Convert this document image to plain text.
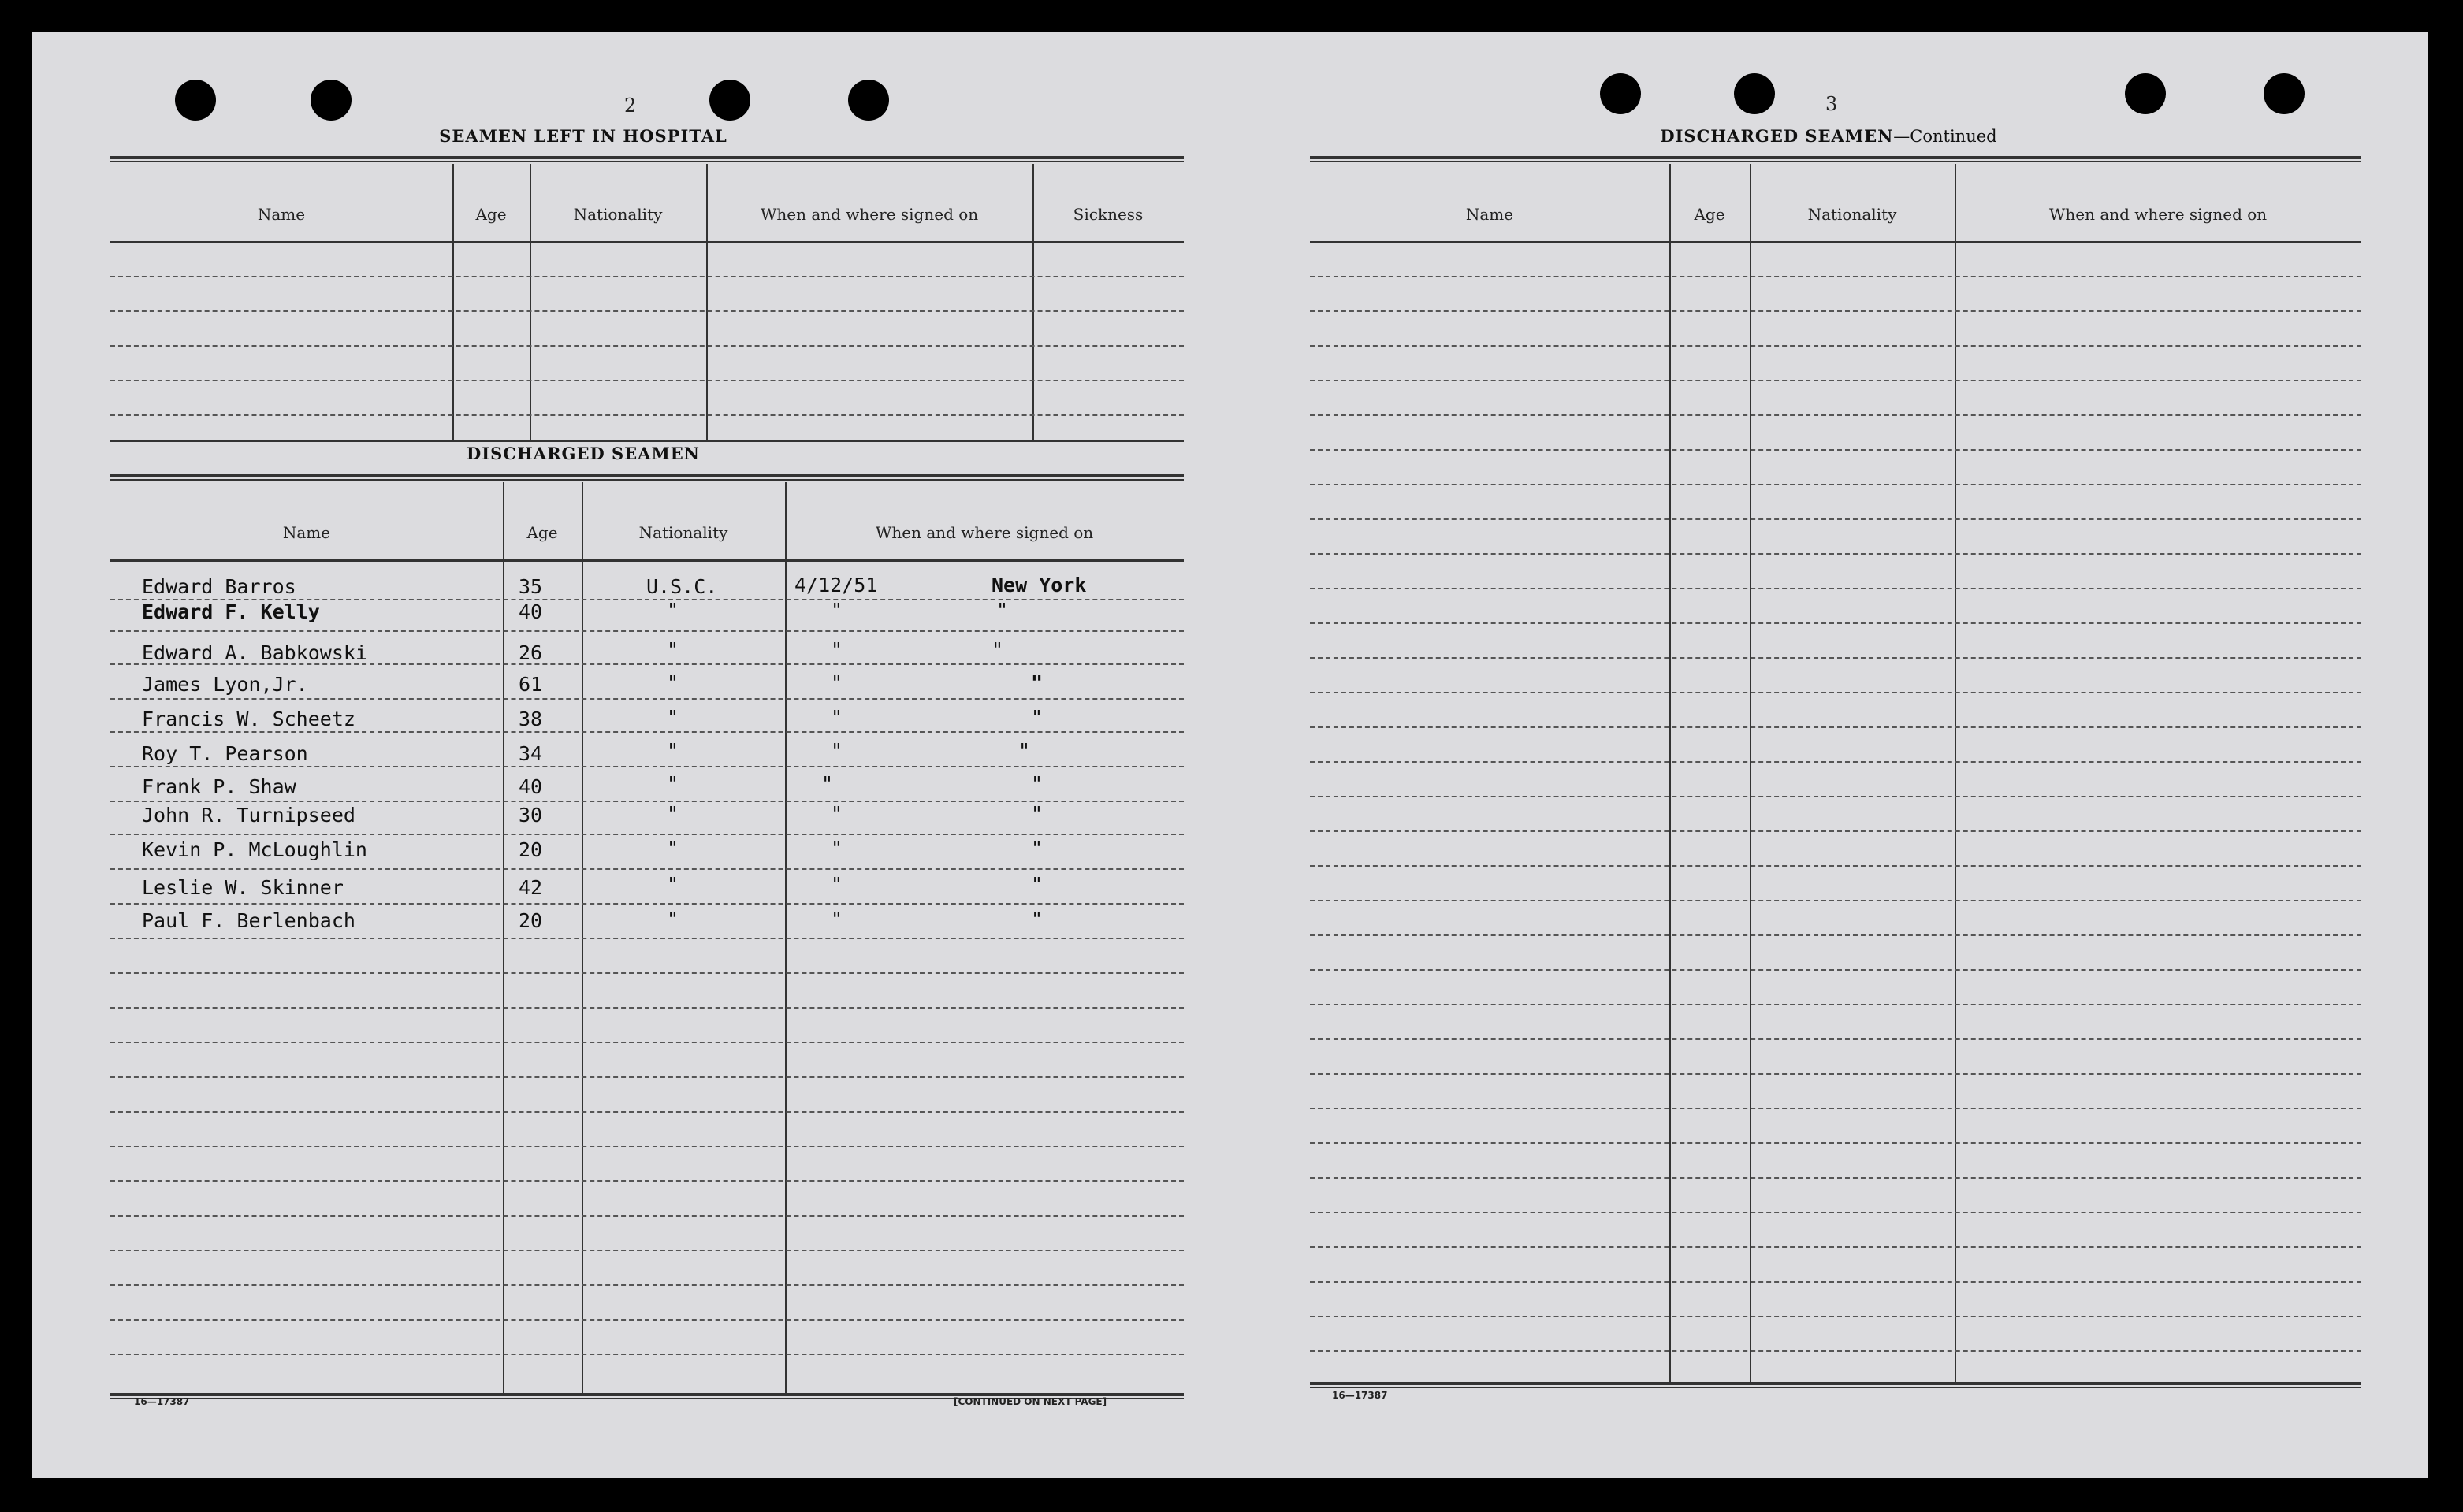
2
SEAMEN LEFT IN HOSPITAL
Name	Age	Nationality	When and where signed on	Sickness
DISCHARGED SEAMEN
Name	Age	Nationality	When and where signed on
Edward Barros	35	U.S.C.	4/12/51	New York
Edward F. Kelly	40	"	"	"
Edward A. Babkowski	26	"	"	"
James Lyon,Jr.	61	"	"	"
Francis W. Scheetz	38	"	"	"
Roy T. Pearson	34	"	"	"
Frank P. Shaw	40	"	"	"
John R. Turnipseed	30	"	"	"
Kevin P. McLoughlin	20	"	"	"
Leslie W. Skinner	42	"	"	"
Paul F. Berlenbach	20	"	"	"
16—17387	[CONTINUED ON NEXT PAGE]
3
DISCHARGED SEAMEN—Continued
Name	Age	Nationality	When and where signed on
16—17387
